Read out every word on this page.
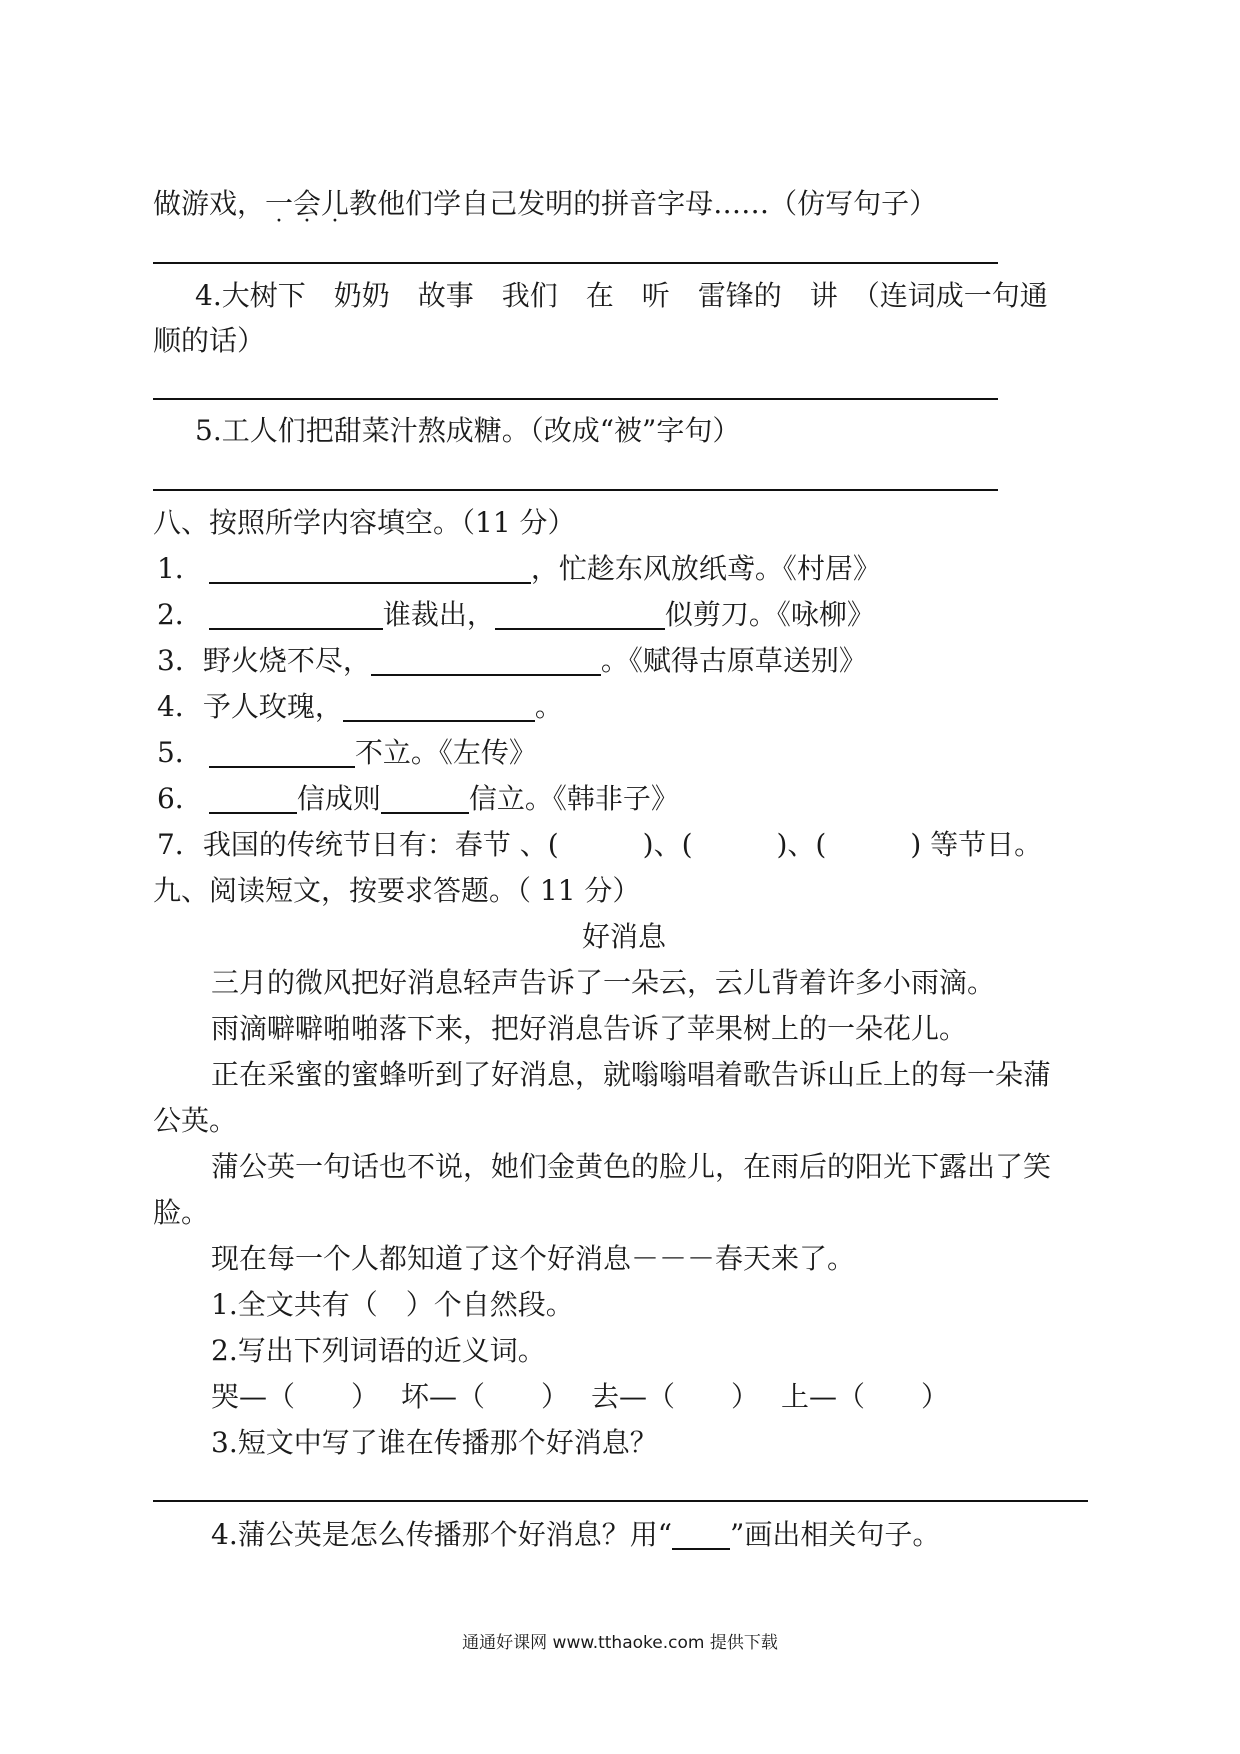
做游戏，一会儿教他们学自己发明的拼音字母……（仿写句子）
4.大树下　奶奶　故事　我们　在　听　雷锋的　讲　（连词成一句通
顺的话）
5.工人们把甜菜汁熬成糖。（改成“被”字句）
八、按照所学内容填空。（11 分）
1．	，忙趁东风放纸鸢。《村居》
2．	谁裁出，	似剪刀。《咏柳》
3．野火烧不尽，	。《赋得古原草送别》
4．予人玫瑰，	。
5．	不立。《左传》
6．	信成则	信立。《韩非子》
7．我国的传统节日有：春节 、(　　　)、(　　　)、(　　　) 等节日。
九、阅读短文，按要求答题。（ 11 分）
好消息
三月的微风把好消息轻声告诉了一朵云，云儿背着许多小雨滴。
雨滴噼噼啪啪落下来，把好消息告诉了苹果树上的一朵花儿。
正在采蜜的蜜蜂听到了好消息，就嗡嗡唱着歌告诉山丘上的每一朵蒲
公英。
蒲公英一句话也不说，她们金黄色的脸儿，在雨后的阳光下露出了笑
脸。
现在每一个人都知道了这个好消息－－－春天来了。
1.全文共有（　）个自然段。
2.写出下列词语的近义词。
哭—（　　） 坏—（　　） 去—（　　） 上—（　　）
3.短文中写了谁在传播那个好消息？
4.蒲公英是怎么传播那个好消息？用“ ”画出相关句子。
通通好课网 www.tthaoke.com 提供下载
